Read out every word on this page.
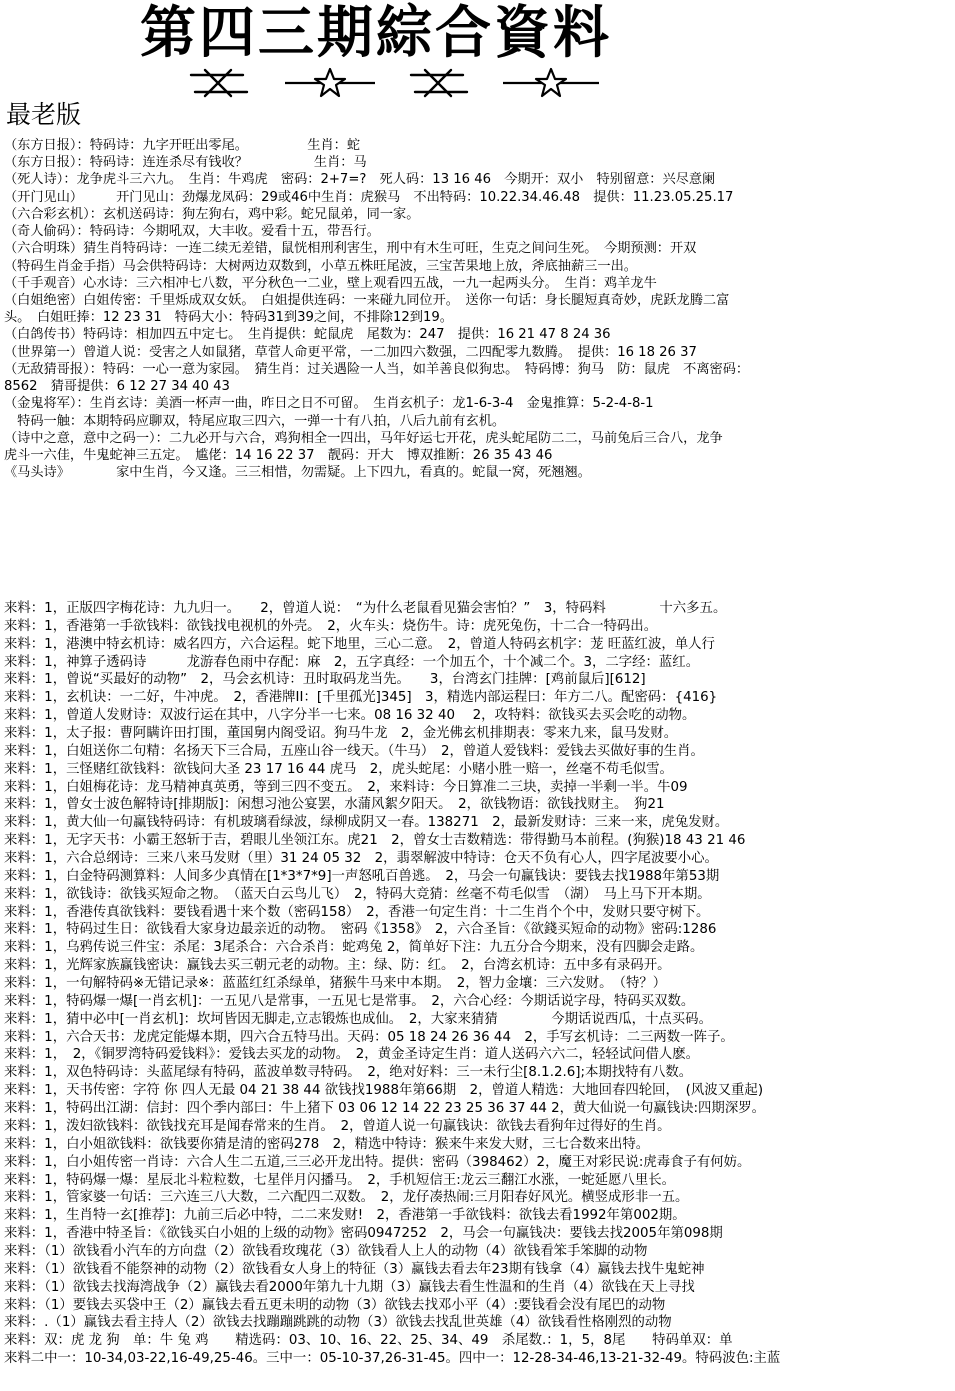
第四三期綜合資料
最老版
（东方日报）：特码诗：九字开旺出零尾。　　　　　生肖：蛇
（东方日报）：特码诗：连连杀尽有钱收？　　　　　生肖：马
（死人诗）：龙争虎斗三六九。　生肖：牛鸡虎　密码：2+7=?　死人码：13 16 46　今期开：双小　特别留意：兴尽意阑
（开门见山）　　　开门见山：劲爆龙凤码：29或46中生肖：虎猴马　不出特码：10.22.34.46.48　提供：11.23.05.25.17
（六合彩玄机）：玄机送码诗：狗左狗右，鸡中彩。蛇兄鼠弟，同一家。
（奇人偷码）：特码诗：今期吼双，大丰收。爱看十五，带吾行。
（六合明珠）猜生肖特码诗：一连二续无差错，鼠恍相刑利害生，刑中有木生可旺，生克之间问生死。　今期预测：开双
（特码生肖金手指）马会供特码诗：大树两边双数到，小草五株旺尾波，三宝苦果地上放，斧底抽薪三一出。
（千手观音）心水诗：三六相冲七八数，平分秋色一二业，壁上观看四五战，一九一起两头分。　生肖：鸡羊龙牛
（白姐绝密）白姐传密：千里烁成双女妖。　白姐提供连码：一来碰九同位开。　送你一句话：身长腿短真奇妙，虎跃龙腾二富
头。　白姐旺捧：12 23 31　特码大小：特码31到39之间，不排除12到19。
（白鸽传书）特码诗：相加四五中定七。　生肖提供：蛇鼠虎　尾数为：247　提供：16 21 47 8 24 36
（世界第一）曾道人说：受害之人如鼠猪，草菅人命更平常，一二加四六数强，二四配零九数腾。　提供：16 18 26 37
（无敌猜哥报）：特码：一心一意为家园。　猜生肖：过关遇险一人当，如羊善良似狗忠。　特码博：狗马　防：鼠虎　不离密码：
8562　猜哥提供：6 12 27 34 40 43
（金鬼将军）：生肖玄诗：美酒一杯声一曲，昨日之日不可留。　生肖玄机子：龙1-6-3-4　金鬼推算：5-2-4-8-1
　特码一触：本期特码应聊双，特尾应取三四六，一弹一十有八拍，八后九前有玄机。
（诗中之意，意中之码一）：二九必开与六合，鸡狗相全一四出，马年好运七开花，虎头蛇尾防二二，马前兔后三合八，龙争
虎斗一六佳，牛鬼蛇神三五定。　尴佬：14 16 22 37　靓码：开大　博双推断：26 35 43 46
《马头诗》　　　　家中生肖，今又逢。三三相惜，勿需疑。上下四九，看真的。蛇鼠一窝，死翘翘。
来料：1，正版四字梅花诗：九九归一。　　2，曾道人说：　“为什么老鼠看见猫会害怕？”　3，特码料　　　　十六多五。
来料：1，香港第一手欲钱料：欲钱找电视机的外壳。　2，火车头：烧伤牛。诗：虎死兔伤，十二合一特码出。
来料：1，港澳中特玄机诗：威名四方，六合运程。蛇下地里，三心二意。　2，曾道人特码玄机字：茏 旺蓝红波，单人行
来料：1，神算子透码诗　　　龙游春色雨中存配：麻　2，五字真经：一个加五个，十个减二个。3，二字经：蓝红。
来料：1，曾说“买最好的动物”　2，马会玄机诗：丑时取码龙当先。　　3，台湾玄门挂牌：[鸡前鼠后][612]
来料：1，玄机诀：一二好，牛冲虎。　2，香港牌II：[千里孤光]345]　3，精选内部运程曰：年方二八。配密码：{416}
来料：1，曾道人发财诗：双波行运在其中，八字分半一七来。08 16 32 40　 2，攻特料：欲钱买去买会吃的动物。
来料：1，太子报：曹阿瞒许田打围，董国舅内阁受诏。狗马牛龙　2，金光佛玄机排期表：零来九来，鼠马发财。
来料：1，白姐送你二句精：名扬天下三合局，五座山谷一线天。（牛马）　2，曾道人爱钱料：爱钱去买做好事的生肖。
来料：1，三怪赌红欲钱料：欲钱问大圣 23 17 16 44 虎马　2，虎头蛇尾：小赌小胜一赔一，丝毫不苟毛似雪。
来料：1，白姐梅花诗：龙马精神真英勇，等到三四不变五。　2，来料诗：今日算准二三块，卖掉一半剩一半。牛09
来料：1，曾女士波色解特诗[排期版]：闲想习池公宴罢，水蒲风絮夕阳天。　2，欲钱物语：欲钱找财主。　狗21
来料：1，黄大仙一句赢钱特码诗：有机玻璃看绿波，绿柳成阴又一春。138271　2，最新发财诗：三来一来，虎兔发财。
来料：1，无字天书：小霸王怒斩于吉，碧眼儿坐领江东。虎21　2，曾女士吉数精选：带得勤马本前程。(狗猴)18 43 21 46
来料：1，六合总纲诗：三来八来马发财（里）31 24 05 32　2，翡翠解波中特诗：仓天不负有心人，四字尾波要小心。
来料：1，白金特码测算料：人间多少真情在[1*3*7*9]一声怒吼百兽逃。　2，马会一句赢钱诀：要钱去找1988年第53期
来料：1，欲钱诗：欲钱买短命之物。　（蓝天白云鸟儿飞）　2，特码大竞猜：丝毫不苟毛似雪　（湖）　马上马下开本期。
来料：1，香港传真欲钱料：要钱看遇十来个数（密码158）　2，香港一句定生肖：十二生肖个个中，发财只要守树下。
来料：1，特码过生日：欲钱看大家身边最亲近的动物。　密码《1358》　2，六合圣旨：《欲錢买短命的动物》密码:1286
来料：1，乌鸦传说三件宝：杀尾：3尾杀合：六合杀肖：蛇鸡兔 2，简单好下注：九五分合今期来，没有四脚会走路。
来料：1，光辉家族赢钱密诀：赢钱去买三朝元老的动物。主：绿、防：红。　2，台湾玄机诗：五中多有录码开。
来料：1，一句解特码※无错记录※：蓝蓝红红杀绿单，猪猴牛马来中本期。　2，智力金壤：三六发财。　（特？）
来料：1，特码爆一爆[一肖玄机]：一五见八是常事，一五见七是常事。　2，六合心经：今期话说字母，特码买双数。
来料：1，猜中必中[一肖玄机]：坎坷皆因无脚走,立志锻炼也成仙。　2，大家来猜猜　　　　今期话说西瓜，十点买码。
来料：1，六合天书：龙虎定能爆本期，四六合五特马出。天码：05 18 24 26 36 44　2，手写玄机诗：二三两数一阵子。
来料：1，　2，《铜罗湾特码爱钱料》：爱钱去买龙的动物。　2，黄金圣诗定生肖：道人送码六六二，轻轻试问借人麽。
来料：1，双色特码诗：头蓝尾绿有特码，蓝波单数寻特码。　2，绝对好料：三一未行尘[8.1.2.6];本期找特有八数。
来料：1，天书传密：字符 你 四人无最 04 21 38 44 欲钱找1988年第66期　2，曾道人精选：大地回春四轮回，　(风波又重起)
来料：1，特码出江湖：信封：四个季内部曰：牛上猪下 03 06 12 14 22 23 25 36 37 44 2，黄大仙说一句赢钱诀:四期深罗。
来料：1，泼妇欲钱料：欲钱找充耳是闻春常来的生肖。　2，曾道人说一句赢钱诀：欲钱去看狗年过得好的生肖。
来料：1，白小姐欲钱料：欲钱要你猜是清的密码278　2，精选中特诗：猴来牛来发大财，三七合数来出特。
来料：1，白小姐传密一肖诗：六合人生二五道,三三必开龙出特。提供：密码（398462）2，魔王对彩民说:虎毒食子有何妨。
来料：1，特码爆一爆：星辰北斗粒粒数，七星伴月闪播马。　2，手机短信王:龙云三翻江水涨，一蛇延愿八里长。
来料：1，管家婆一句话：三六连三八大数，二六配四二双数。　2，龙仔凑热闹:三月阳春好风光。横竖成形非一五。
来料：1，生肖特一玄[推荐]：九前三后必中特，二二来发财!　2，香港第一手欲钱料：欲钱去看1992年第002期。
来料：1，香港中特圣旨：《欲钱买白小姐的上级的动物》密码0947252　2，马会一句赢钱决：要钱去找2005年第098期
来料：（1）欲钱看小汽车的方向盘（2）欲钱看玫瑰花（3）欲钱看人上人的动物（4）欲钱看笨手笨脚的动物
来料：（1）欲钱看不能祭神的动物（2）欲钱看女人身上的特征（3）赢钱去看去年23期有钱拿（4）赢钱去找牛鬼蛇神
来料：（1）欲钱去找海湾战争（2）赢钱去看2000年第九十九期（3）赢钱去看生性温和的生肖（4）欲钱在天上寻找
来料：（1）要钱去买袋中王（2）赢钱去看五更未明的动物（3）欲钱去找邓小平（4）:要钱看会没有尾巴的动物
来料：.（1）赢钱去看主持人（2）欲钱去找蹦蹦跳跳的动物（3）欲钱去找乱世英雄（4）欲钱看性格刚烈的动物
来料：双：虎 龙 狗　单：牛 兔 鸡　　精选码：03、10、16、22、25、34、49　杀尾数.：1，5，8尾　　特码单双：单
来料二中一：10-34,03-22,16-49,25-46。三中一：05-10-37,26-31-45。四中一：12-28-34-46,13-21-32-49。特码波色:主蓝
